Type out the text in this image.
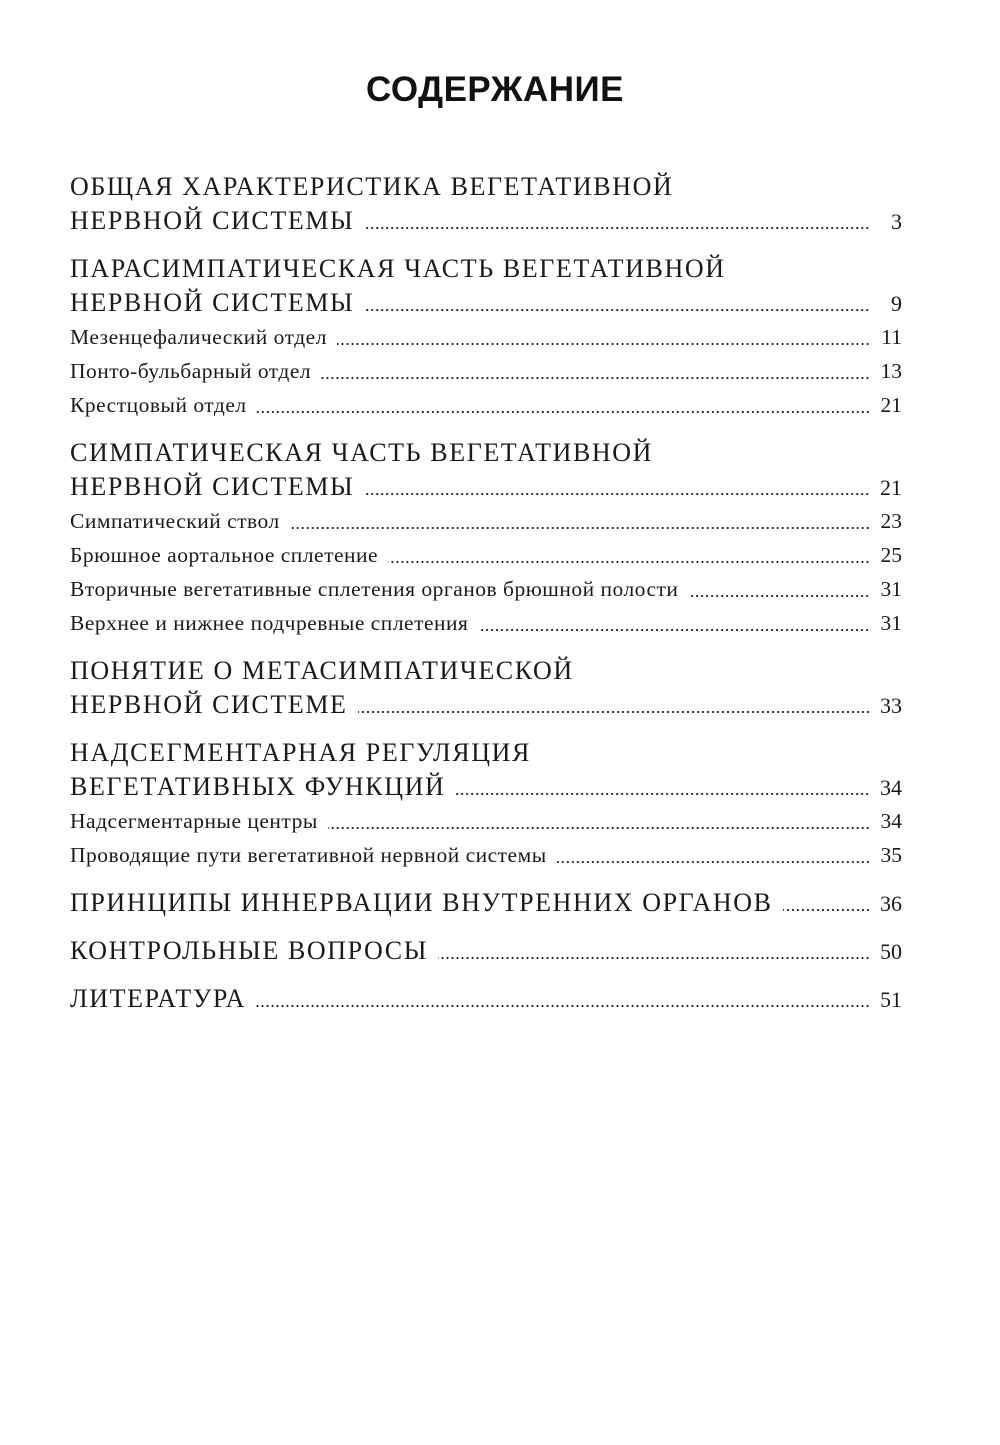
СОДЕРЖАНИЕ
ОБЩАЯ ХАРАКТЕРИСТИКА ВЕГЕТАТИВНОЙ
НЕРВНОЙ СИСТЕМЫ	3
ПАРАСИМПАТИЧЕСКАЯ ЧАСТЬ ВЕГЕТАТИВНОЙ
НЕРВНОЙ СИСТЕМЫ	9
Мезенцефалический отдел	11
Понто-бульбарный отдел	13
Крестцовый отдел	21
СИМПАТИЧЕСКАЯ ЧАСТЬ ВЕГЕТАТИВНОЙ
НЕРВНОЙ СИСТЕМЫ	21
Симпатический ствол	23
Брюшное аортальное сплетение	25
Вторичные вегетативные сплетения органов брюшной полости	31
Верхнее и нижнее подчревные сплетения	31
ПОНЯТИЕ О МЕТАСИМПАТИЧЕСКОЙ
НЕРВНОЙ СИСТЕМЕ	33
НАДСЕГМЕНТАРНАЯ РЕГУЛЯЦИЯ
ВЕГЕТАТИВНЫХ ФУНКЦИЙ	34
Надсегментарные центры	34
Проводящие пути вегетативной нервной системы	35
ПРИНЦИПЫ ИННЕРВАЦИИ ВНУТРЕННИХ ОРГАНОВ	36
КОНТРОЛЬНЫЕ ВОПРОСЫ	50
ЛИТЕРАТУРА	51
